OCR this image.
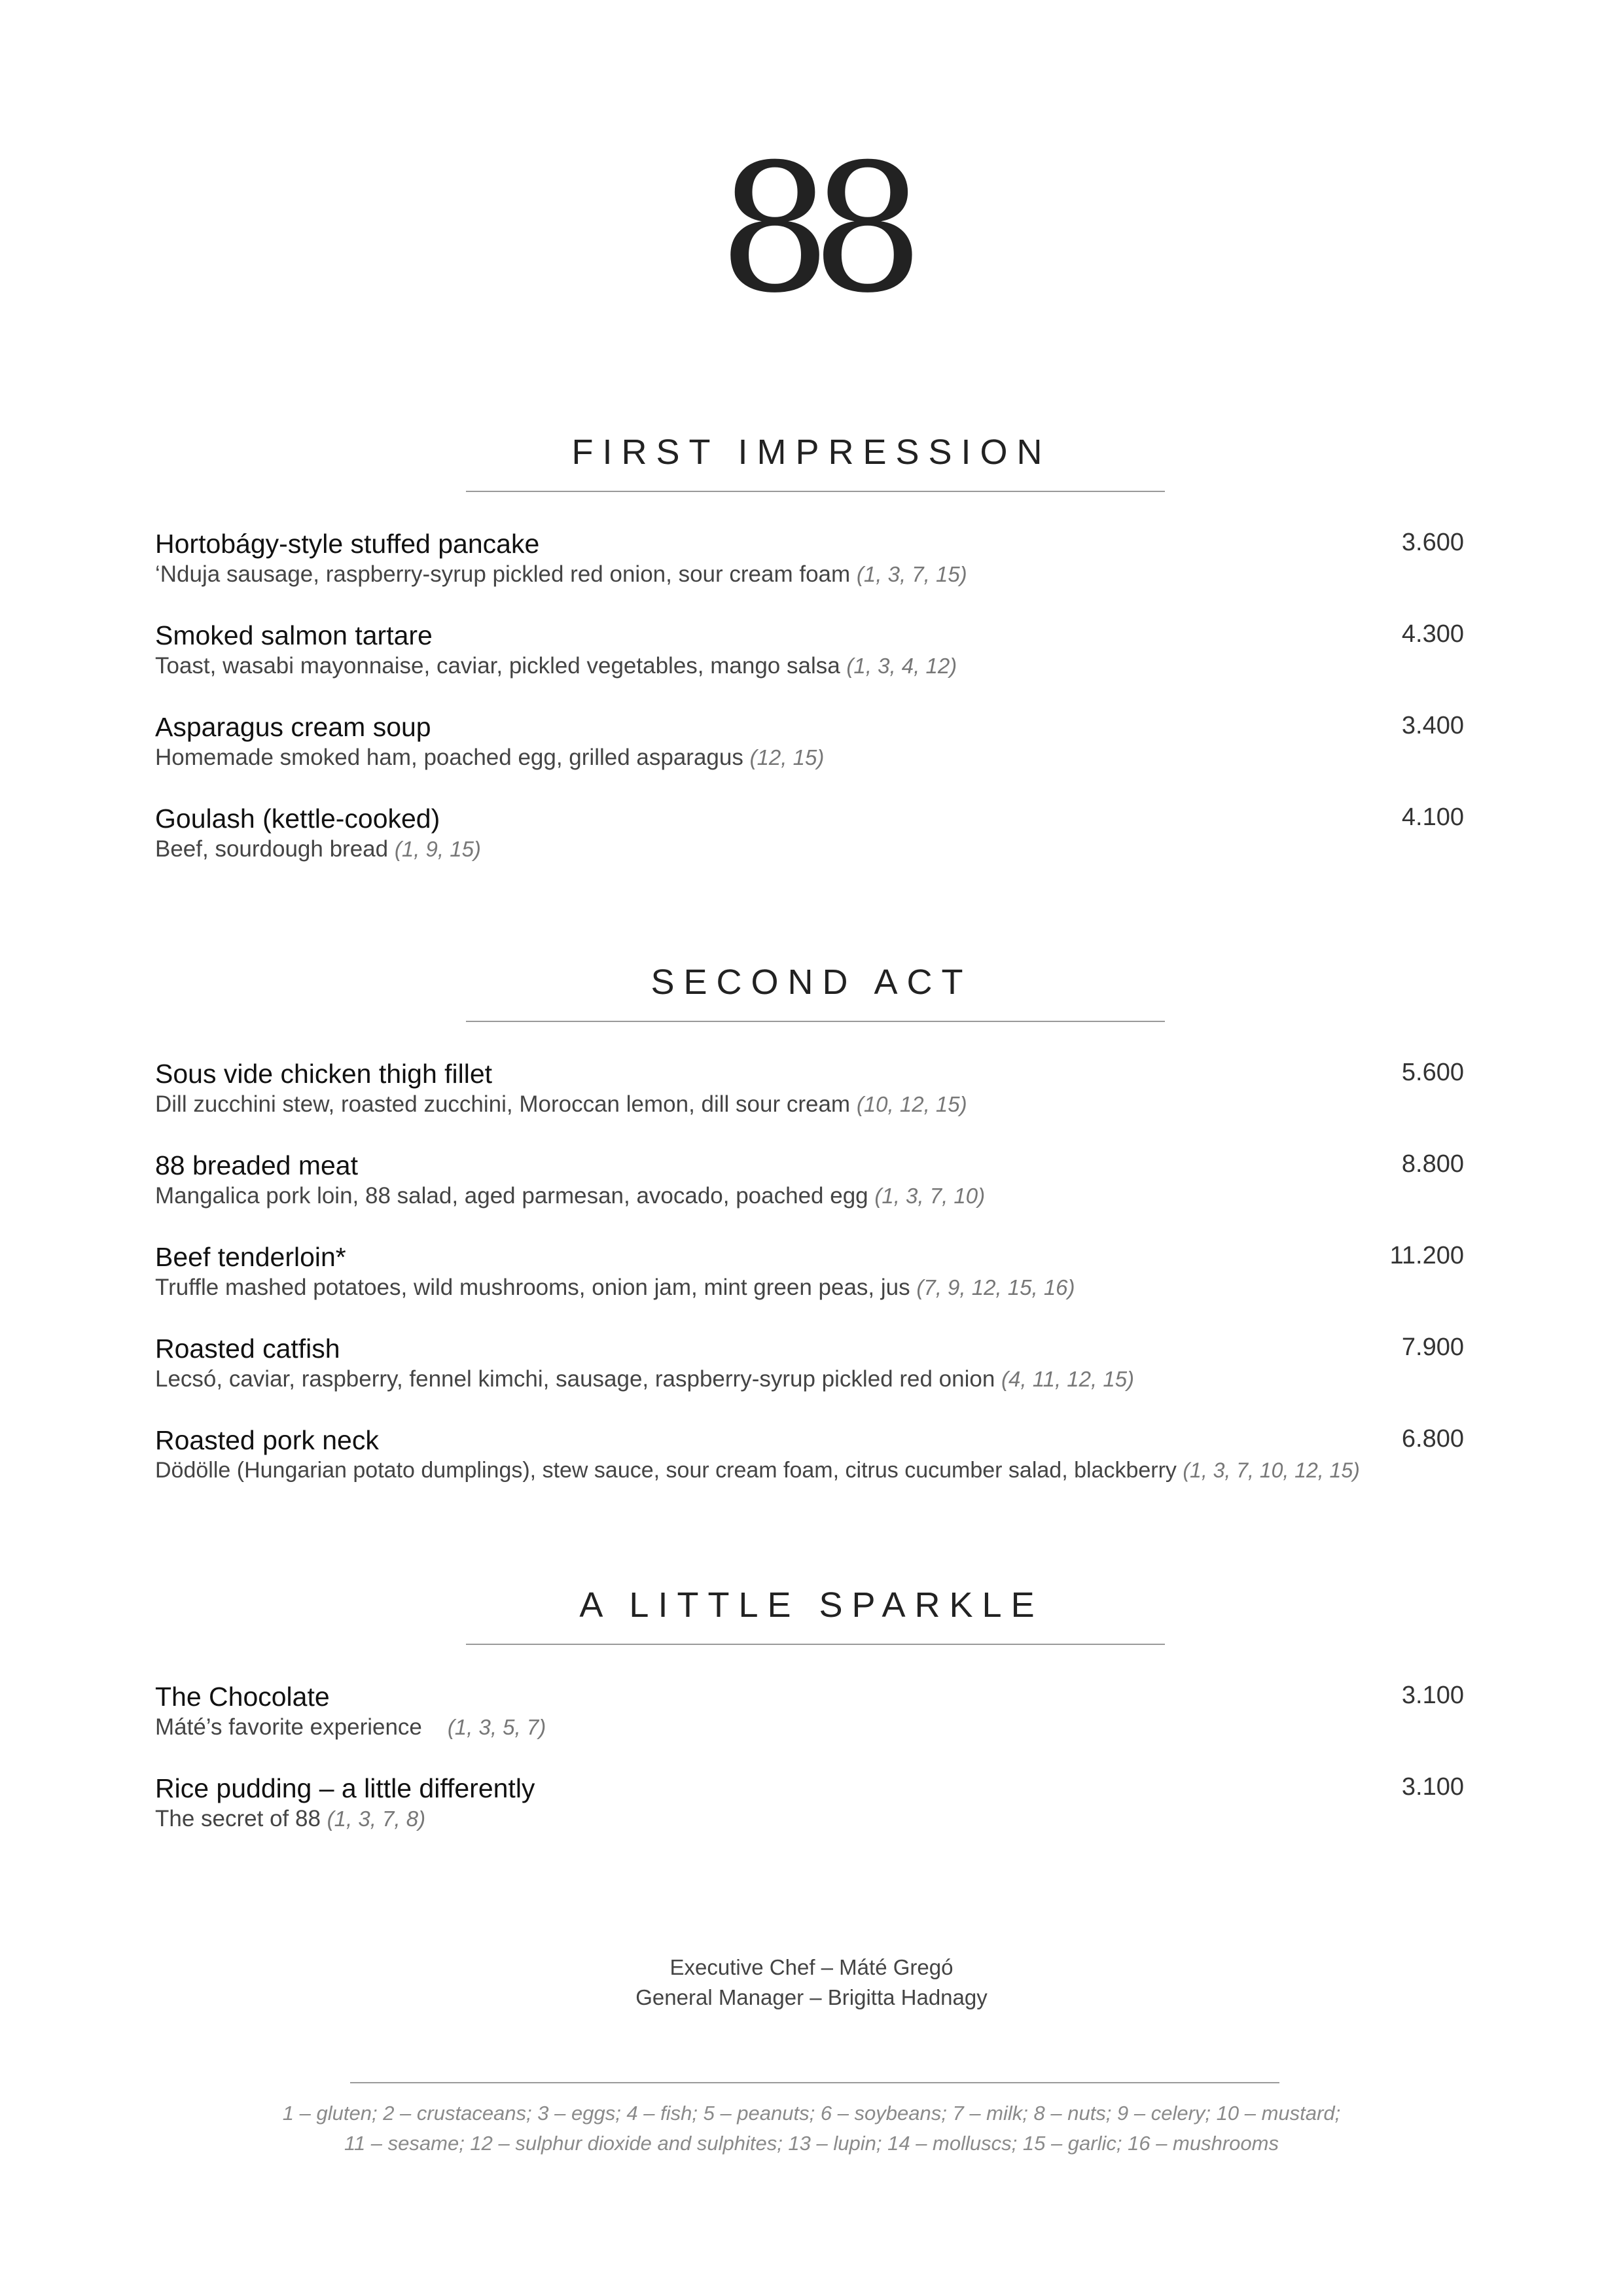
88
FIRST IMPRESSION
Hortobágy-style stuffed pancake	3.600
‘Nduja sausage, raspberry-syrup pickled red onion, sour cream foam (1, 3, 7, 15)
Smoked salmon tartare	4.300
Toast, wasabi mayonnaise, caviar, pickled vegetables, mango salsa (1, 3, 4, 12)
Asparagus cream soup	3.400
Homemade smoked ham, poached egg, grilled asparagus (12, 15)
Goulash (kettle-cooked)	4.100
Beef, sourdough bread (1, 9, 15)
SECOND ACT
Sous vide chicken thigh fillet	5.600
Dill zucchini stew, roasted zucchini, Moroccan lemon, dill sour cream (10, 12, 15)
88 breaded meat	8.800
Mangalica pork loin, 88 salad, aged parmesan, avocado, poached egg (1, 3, 7, 10)
Beef tenderloin*	11.200
Truffle mashed potatoes, wild mushrooms, onion jam, mint green peas, jus (7, 9, 12, 15, 16)
Roasted catfish	7.900
Lecsó, caviar, raspberry, fennel kimchi, sausage, raspberry-syrup pickled red onion (4, 11, 12, 15)
Roasted pork neck	6.800
Dödölle (Hungarian potato dumplings), stew sauce, sour cream foam, citrus cucumber salad, blackberry (1, 3, 7, 10, 12, 15)
A LITTLE SPARKLE
The Chocolate	3.100
Máté’s favorite experience (1, 3, 5, 7)
Rice pudding – a little differently	3.100
The secret of 88 (1, 3, 7, 8)
Executive Chef – Máté Gregó
General Manager – Brigitta Hadnagy
1 – gluten; 2 – crustaceans; 3 – eggs; 4 – fish; 5 – peanuts; 6 – soybeans; 7 – milk; 8 – nuts; 9 – celery; 10 – mustard;
11 – sesame; 12 – sulphur dioxide and sulphites; 13 – lupin; 14 – molluscs; 15 – garlic; 16 – mushrooms
